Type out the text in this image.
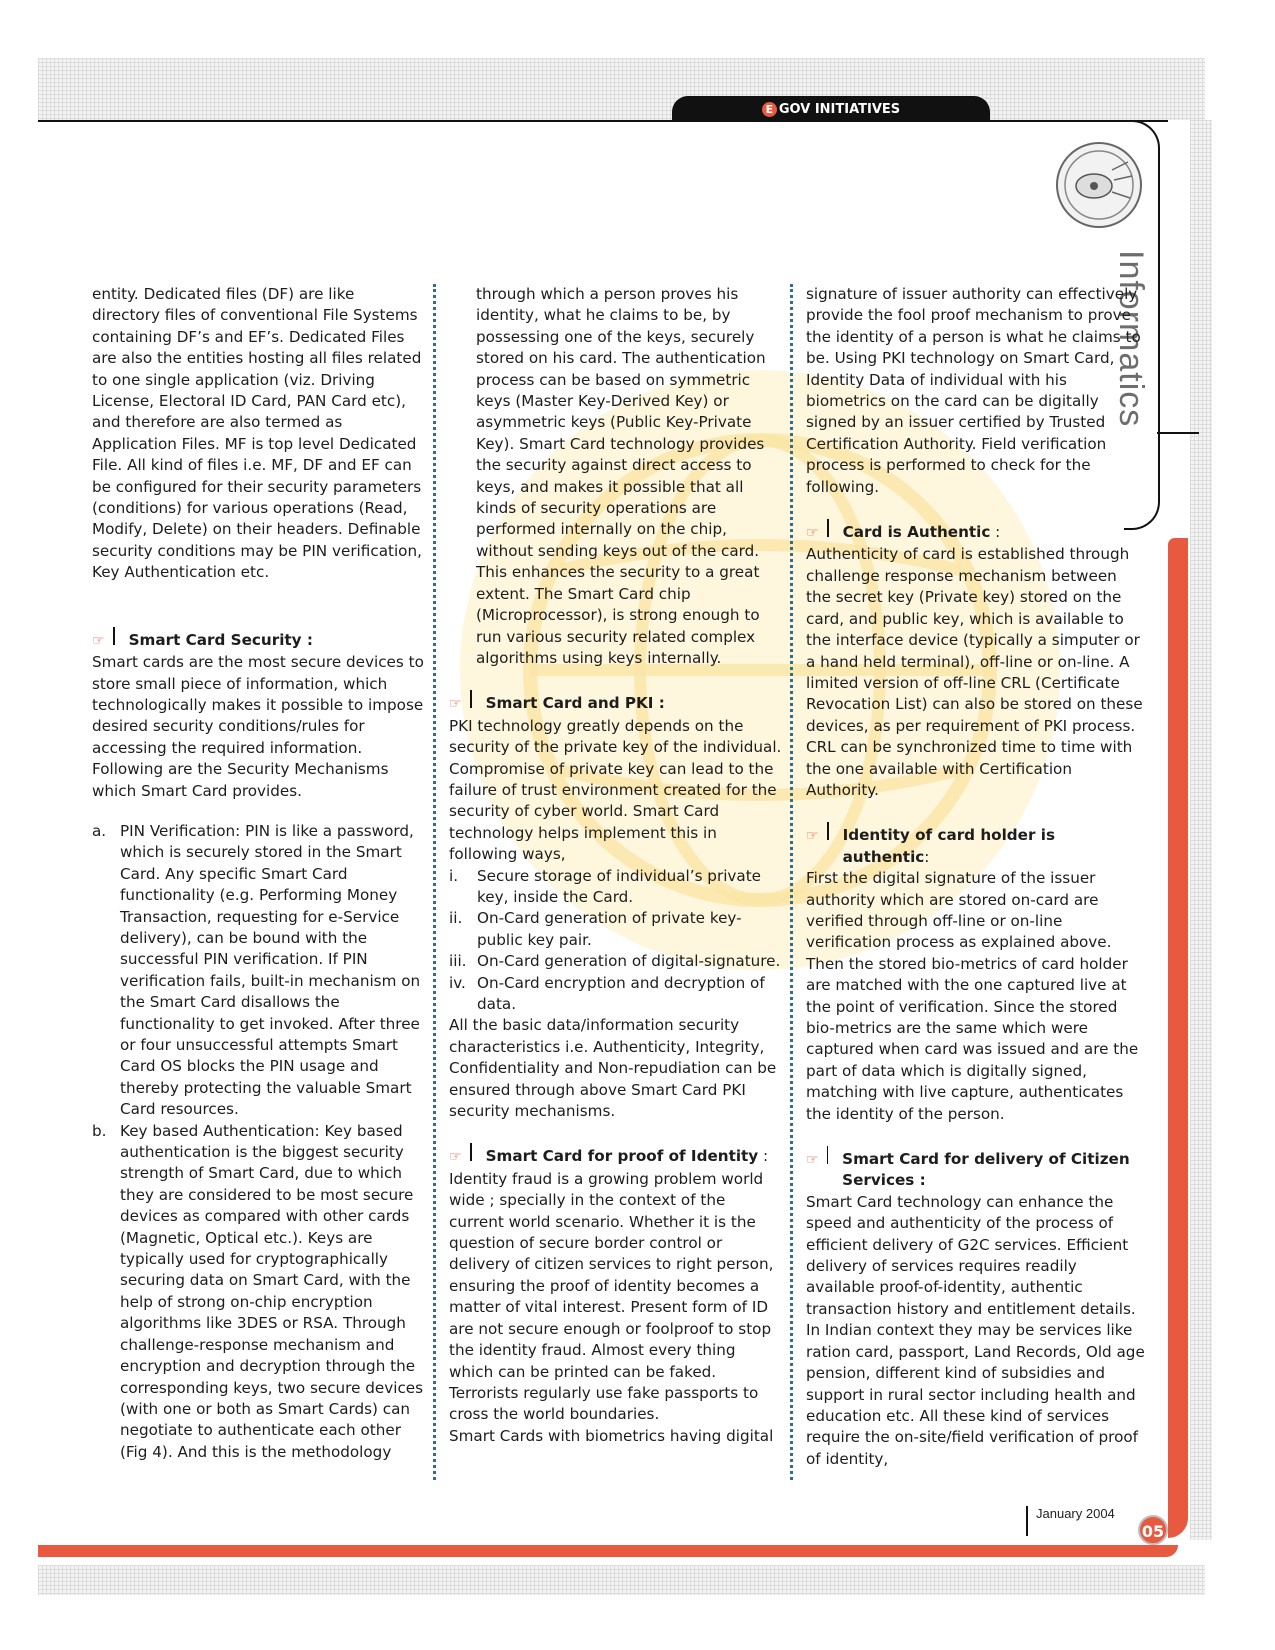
E GOV INITIATIVES
Informatics

entity. Dedicated files (DF) are like directory files of conventional File Systems containing DF’s and EF’s. Dedicated Files are also the entities hosting all files related to one single application (viz. Driving License, Electoral ID Card, PAN Card etc), and therefore are also termed as Application Files. MF is top level Dedicated File. All kind of files i.e. MF, DF and EF can be configured for their security parameters (conditions) for various operations (Read, Modify, Delete) on their headers. Definable security conditions may be PIN verification, Key Authentication etc.

☞ Smart Card Security :

Smart cards are the most secure devices to store small piece of information, which technologically makes it possible to impose desired security conditions/rules for accessing the required information. Following are the Security Mechanisms which Smart Card provides.

a. PIN Verification: PIN is like a password, which is securely stored in the Smart Card. Any specific Smart Card functionality (e.g. Performing Money Transaction, requesting for e-Service delivery), can be bound with the successful PIN verification. If PIN verification fails, built-in mechanism on the Smart Card disallows the functionality to get invoked. After three or four unsuccessful attempts Smart Card OS blocks the PIN usage and thereby protecting the valuable Smart Card resources.
b. Key based Authentication: Key based authentication is the biggest security strength of Smart Card, due to which they are considered to be most secure devices as compared with other cards (Magnetic, Optical etc.). Keys are typically used for cryptographically securing data on Smart Card, with the help of strong on-chip encryption algorithms like 3DES or RSA. Through challenge-response mechanism and encryption and decryption through the corresponding keys, two secure devices (with one or both as Smart Cards) can negotiate to authenticate each other (Fig 4). And this is the methodology

through which a person proves his identity, what he claims to be, by possessing one of the keys, securely stored on his card. The authentication process can be based on symmetric keys (Master Key-Derived Key) or asymmetric keys (Public Key-Private Key). Smart Card technology provides the security against direct access to keys, and makes it possible that all kinds of security operations are performed internally on the chip, without sending keys out of the card. This enhances the security to a great extent. The Smart Card chip (Microprocessor), is strong enough to run various security related complex algorithms using keys internally.

☞ Smart Card and PKI :

PKI technology greatly depends on the security of the private key of the individual. Compromise of private key can lead to the failure of trust environment created for the security of cyber world. Smart Card technology helps implement this in following ways,

i.	Secure storage of individual’s private key, inside the Card.
ii. On-Card generation of private key-public key pair.
iii. On-Card generation of digital-signature.
iv. On-Card encryption and decryption of data.

All the basic data/information security characteristics i.e. Authenticity, Integrity, Confidentiality and Non-repudiation can be ensured through above Smart Card PKI security mechanisms.

☞ Smart Card for proof of Identity :

Identity fraud is a growing problem world wide ; specially in the context of the current world scenario. Whether it is the question of secure border control or delivery of citizen services to right person, ensuring the proof of identity becomes a matter of vital interest. Present form of ID are not secure enough or foolproof to stop the identity fraud. Almost every thing which can be printed can be faked. Terrorists regularly use fake passports to cross the world boundaries.

Smart Cards with biometrics having digital

signature of issuer authority can effectively provide the fool proof mechanism to prove the identity of a person is what he claims to be. Using PKI technology on Smart Card, Identity Data of individual with his biometrics on the card can be digitally signed by an issuer certified by Trusted Certification Authority. Field verification process is performed to check for the following.

☞ Card is Authentic :

Authenticity of card is established through challenge response mechanism between the secret key (Private key) stored on the card, and public key, which is available to the interface device (typically a simputer or a hand held terminal), off-line or on-line. A limited version of off-line CRL (Certificate Revocation List) can also be stored on these devices, as per requirement of PKI process. CRL can be synchronized time to time with the one available with Certification Authority.

☞ Identity of card holder is authentic:

First the digital signature of the issuer authority which are stored on-card are verified through off-line or on-line verification process as explained above. Then the stored bio-metrics of card holder are matched with the one captured live at the point of verification. Since the stored bio-metrics are the same which were captured when card was issued and are the part of data which is digitally signed, matching with live capture, authenticates the identity of the person.

☞ Smart Card for delivery of Citizen Services :

Smart Card technology can enhance the speed and authenticity of the process of efficient delivery of G2C services. Efficient delivery of services requires readily available proof-of-identity, authentic transaction history and entitlement details. In Indian context they may be services like ration card, passport, Land Records, Old age pension, different kind of subsidies and support in rural sector including health and education etc. All these kind of services require the on-site/field verification of proof of identity,

January 2004
05
